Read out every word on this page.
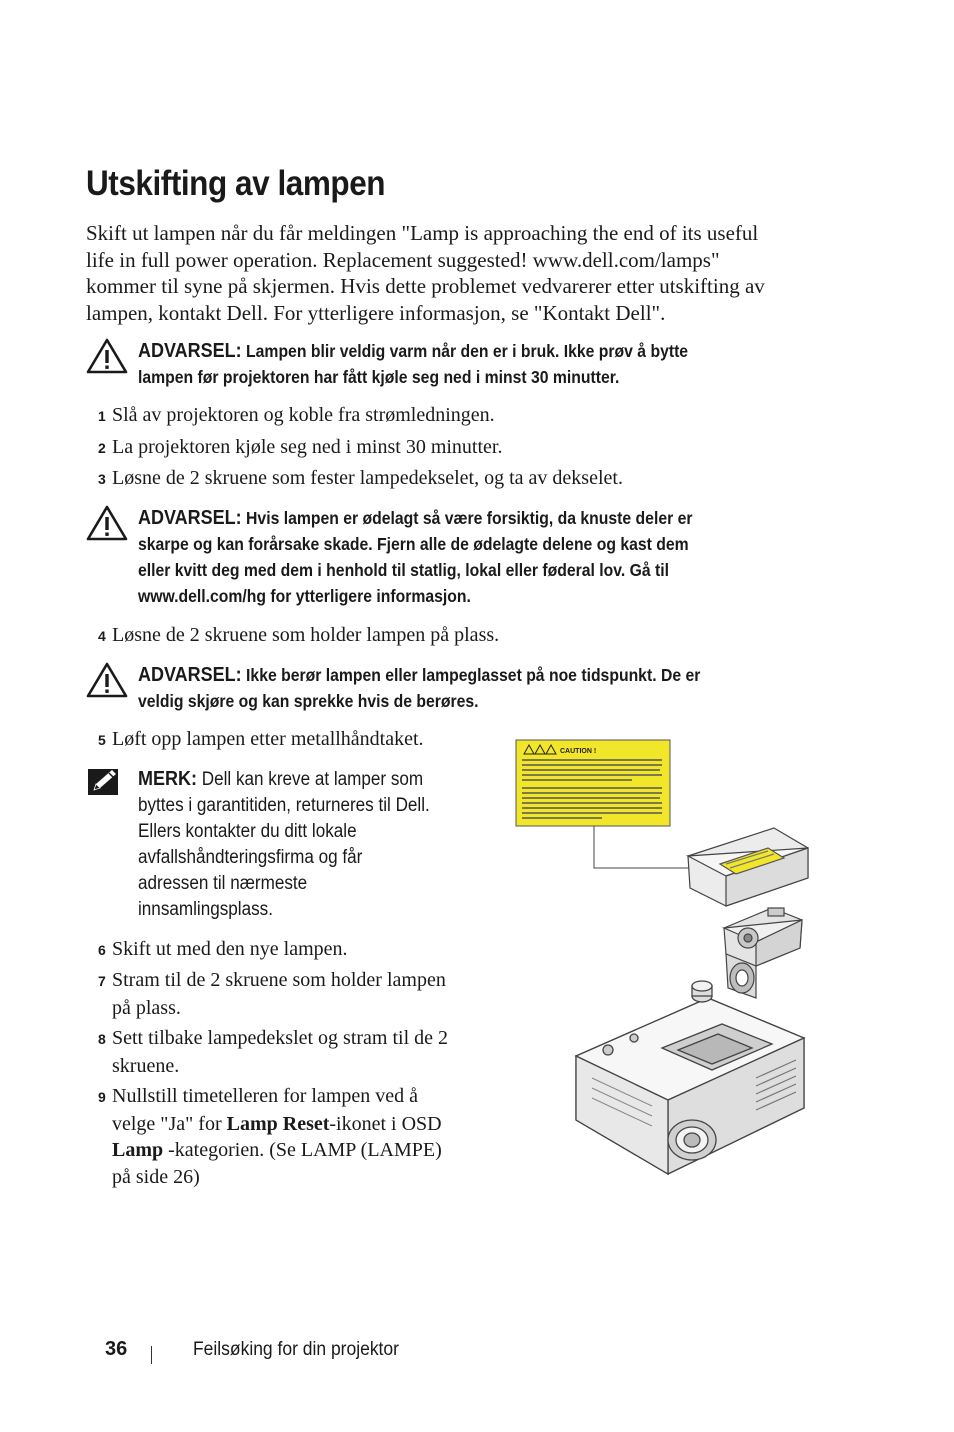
Utskifting av lampen
Skift ut lampen når du får meldingen "Lamp is approaching the end of its useful
life in full power operation. Replacement suggested! www.dell.com/lamps"
kommer til syne på skjermen. Hvis dette problemet vedvarerer etter utskifting av
lampen, kontakt Dell. For ytterligere informasjon, se "Kontakt Dell".
ADVARSEL: Lampen blir veldig varm når den er i bruk. Ikke prøv å bytte
lampen før projektoren har fått kjøle seg ned i minst 30 minutter.
1 Slå av projektoren og koble fra strømledningen.
2 La projektoren kjøle seg ned i minst 30 minutter.
3 Løsne de 2 skruene som fester lampedekselet, og ta av dekselet.
ADVARSEL: Hvis lampen er ødelagt så være forsiktig, da knuste deler er
skarpe og kan forårsake skade. Fjern alle de ødelagte delene og kast dem
eller kvitt deg med dem i henhold til statlig, lokal eller føderal lov. Gå til
www.dell.com/hg for ytterligere informasjon.
4 Løsne de 2 skruene som holder lampen på plass.
ADVARSEL: Ikke berør lampen eller lampeglasset på noe tidspunkt. De er
veldig skjøre og kan sprekke hvis de berøres.
5 Løft opp lampen etter metallhåndtaket.
MERK: Dell kan kreve at lamper som
byttes i garantitiden, returneres til Dell.
Ellers kontakter du ditt lokale
avfallshåndteringsfirma og får
adressen til nærmeste
innsamlingsplass.
6 Skift ut med den nye lampen.
7 Stram til de 2 skruene som holder lampen
på plass.
8 Sett tilbake lampedekslet og stram til de 2
skruene.
9 Nullstill timetelleren for lampen ved å
velge "Ja" for Lamp Reset-ikonet i OSD
Lamp -kategorien. (Se LAMP (LAMPE)
på side 26)
CAUTION !
36	Feilsøking for din projektor
